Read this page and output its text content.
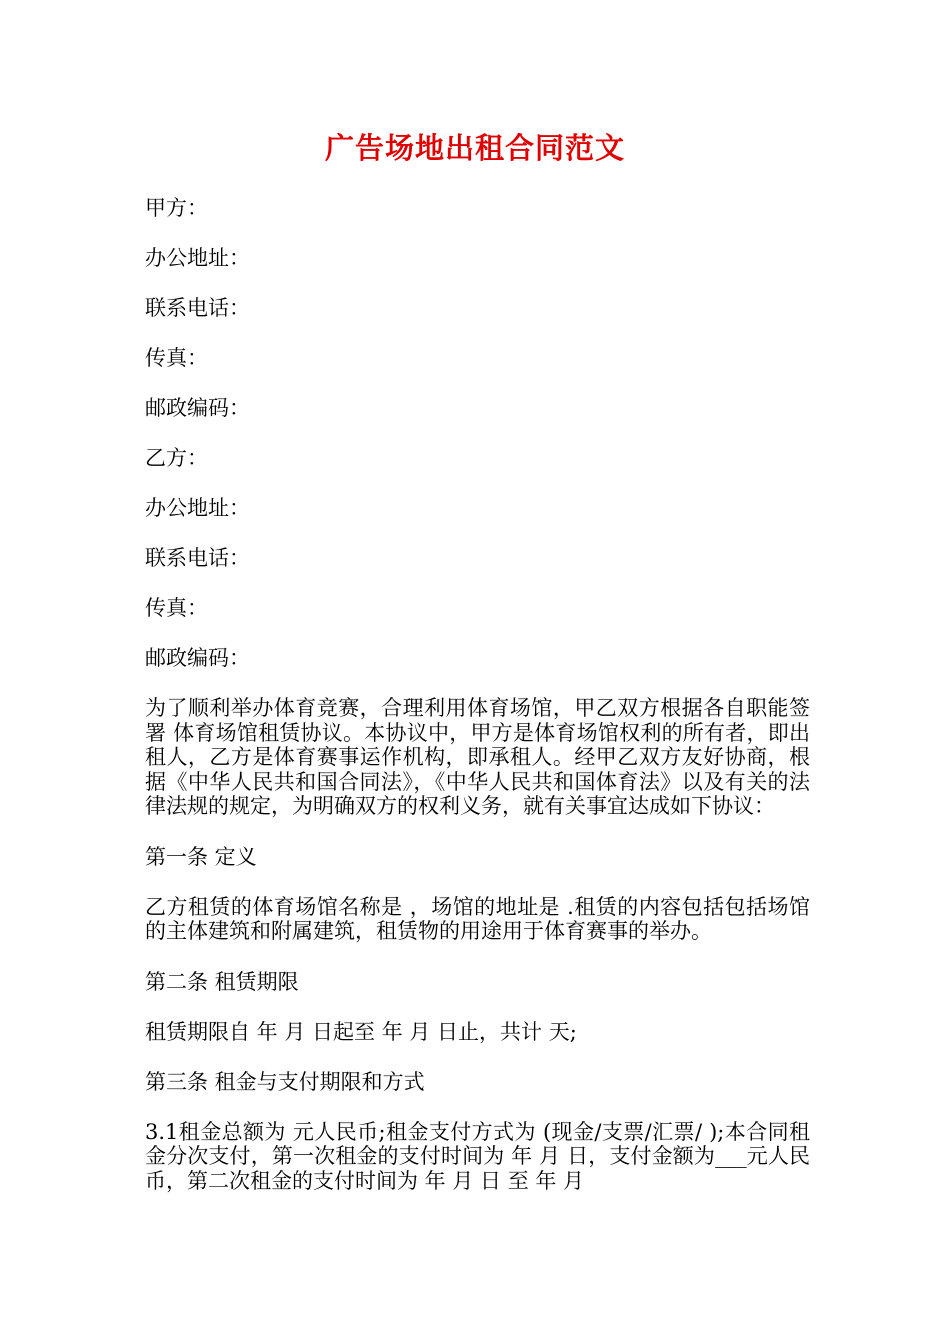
广告场地出租合同范文
甲方：
办公地址：
联系电话：
传真：
邮政编码：
乙方：
办公地址：
联系电话：
传真：
邮政编码：
为了顺利举办体育竞赛，合理利用体育场馆，甲乙双方根据各自职能签署 体育场馆租赁协议。本协议中，甲方是体育场馆权利的所有者，即出租人，乙方是体育赛事运作机构，即承租人。经甲乙双方友好协商，根据《中华人民共和国合同法》，《中华人民共和国体育法》以及有关的法律法规的规定，为明确双方的权利义务，就有关事宜达成如下协议：
第一条 定义
乙方租赁的体育场馆名称是 ，场馆的地址是 .租赁的内容包括包括场馆的主体建筑和附属建筑，租赁物的用途用于体育赛事的举办。
第二条 租赁期限
租赁期限自 年 月 日起至 年 月 日止，共计 天;
第三条 租金与支付期限和方式
3.1租金总额为 元人民币;租金支付方式为 (现金/支票/汇票/ );本合同租金分次支付，第一次租金的支付时间为 年 月 日，支付金额为___元人民币，第二次租金的支付时间为 年 月 日 至 年 月
